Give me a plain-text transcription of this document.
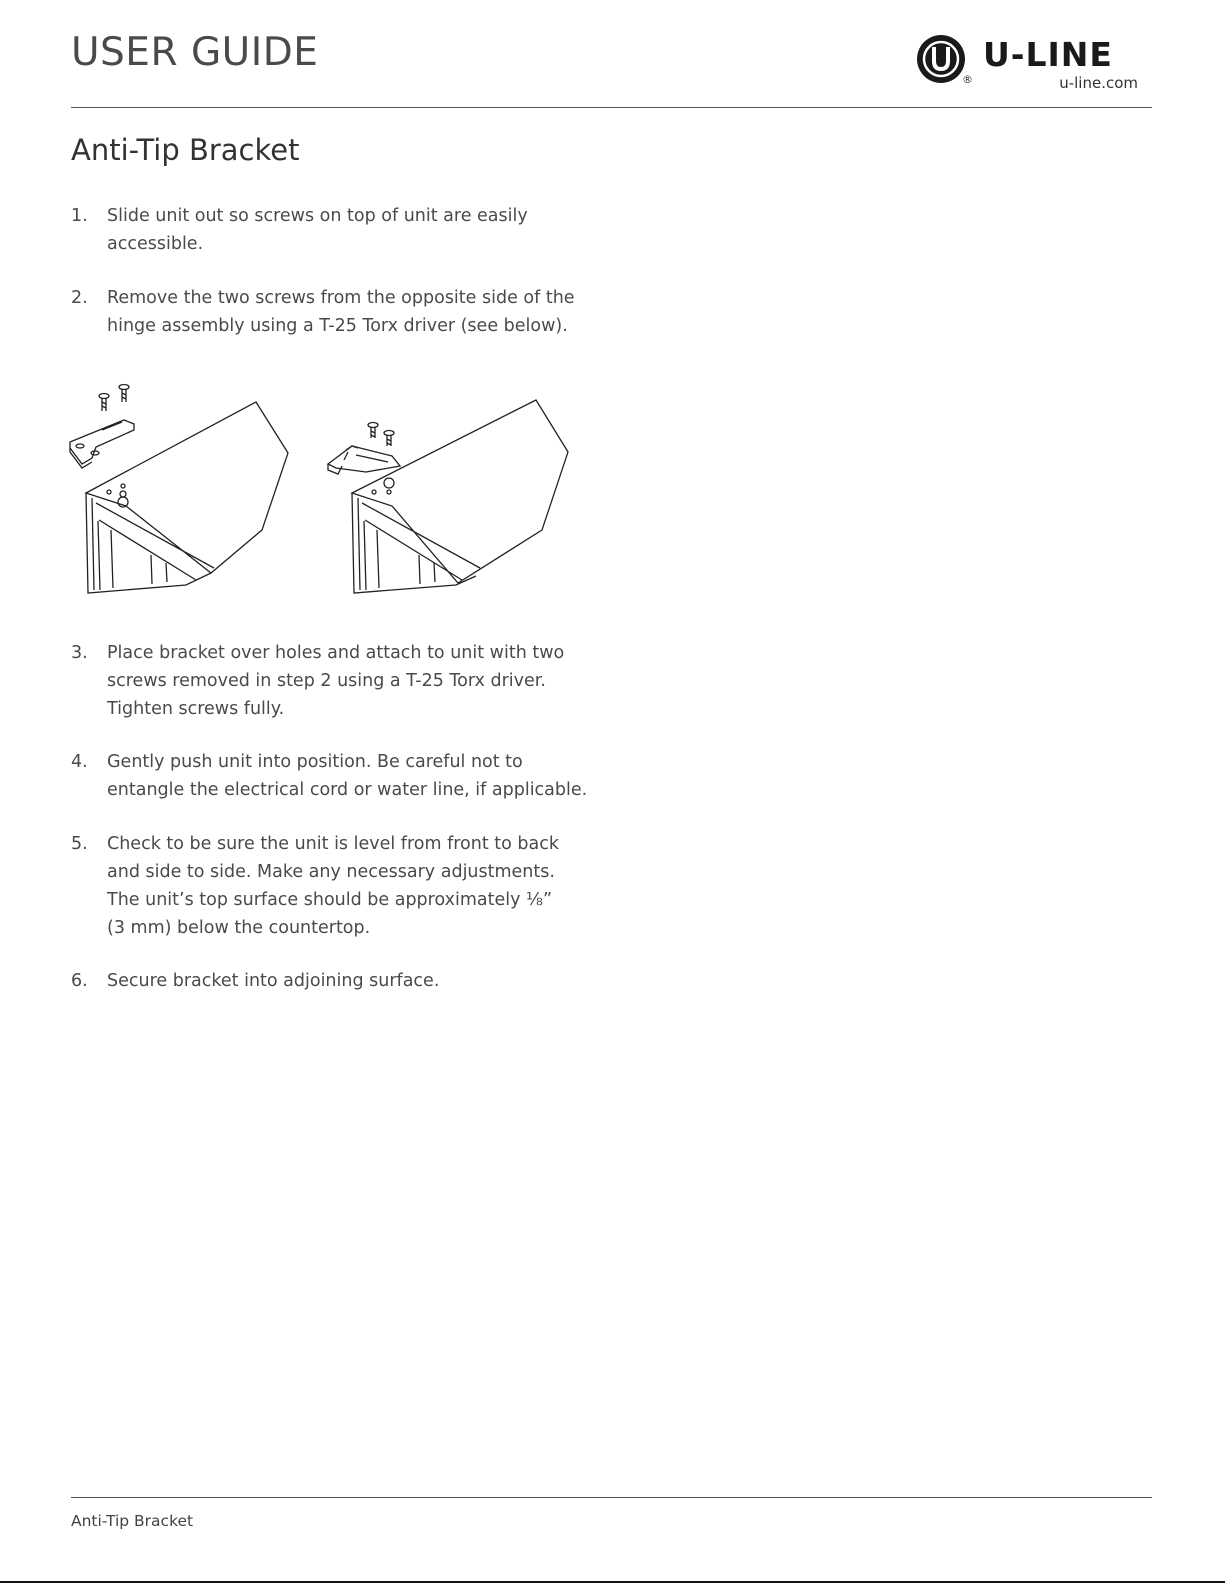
USER GUIDE
®
U-LINE
u-line.com
Anti-Tip Bracket
1.	Slide unit out so screws on top of unit are easily accessible.
2.	Remove the two screws from the opposite side of the hinge assembly using a T-25 Torx driver (see below).
3.	Place bracket over holes and attach to unit with two screws removed in step 2 using a T-25 Torx driver. Tighten screws fully.
4.	Gently push unit into position. Be careful not to entangle the electrical cord or water line, if applicable.
5.	Check to be sure the unit is level from front to back and side to side. Make any necessary adjustments. The unit’s top surface should be approximately ⅛” (3 mm) below the countertop.
6.	Secure bracket into adjoining surface.
Anti-Tip Bracket
